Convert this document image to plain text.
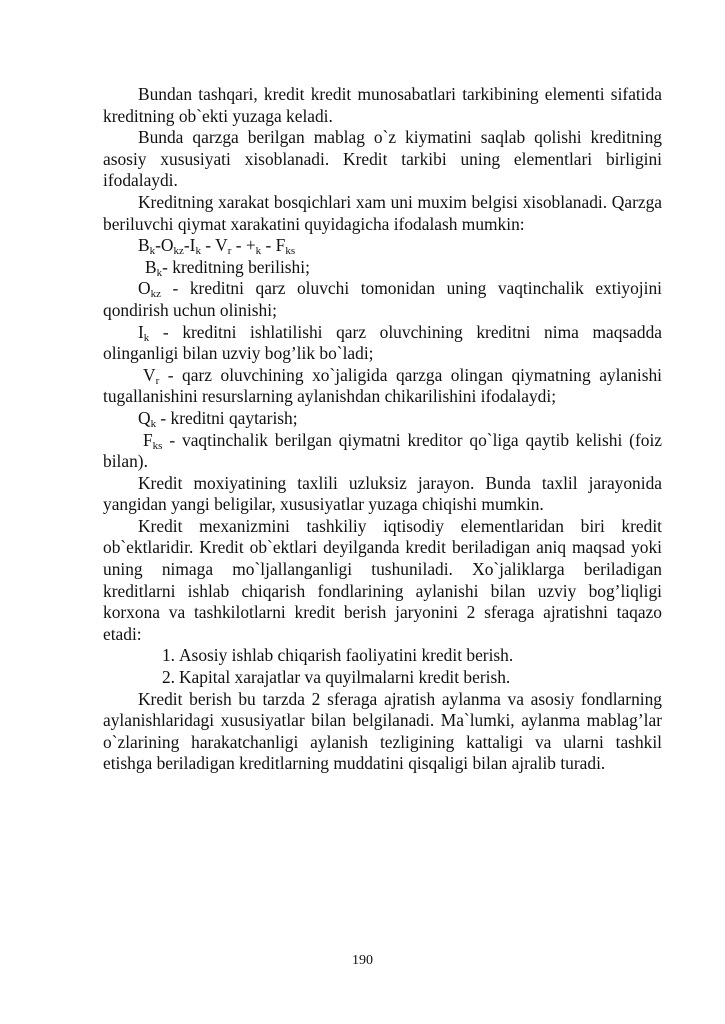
Bundan tashqari, kredit kredit munosabatlari tarkibining elementi sifatida kreditning ob`ekti yuzaga keladi.

Bunda qarzga berilgan mablag o`z kiymatini saqlab qolishi kreditning asosiy xususiyati xisoblanadi. Kredit tarkibi uning elementlari birligini ifodalaydi.

Kreditning xarakat bosqichlari xam uni muxim belgisi xisoblanadi. Qarzga beriluvchi qiymat xarakatini quyidagicha ifodalash mumkin:

$B_k-O_{kz}-I_k - V_r - +_k - F_{ks}$

$B_k-$ kreditning berilishi;

$O_{kz}$ - kreditni qarz oluvchi tomonidan uning vaqtinchalik extiyojini qondirish uchun olinishi;

$I_k$ - kreditni ishlatilishi qarz oluvchining kreditni nima maqsadda olinganligi bilan uzviy bog’lik bo`ladi;

$V_r$ - qarz oluvchining xo`jaligida qarzga olingan qiymatning aylanishi tugallanishini resurslarning aylanishdan chikarilishini ifodalaydi;

$Q_k$ - kreditni qaytarish;

$F_{ks}$ - vaqtinchalik berilgan qiymatni kreditor qo`liga qaytib kelishi (foiz bilan).

Kredit moxiyatining taxlili uzluksiz jarayon. Bunda taxlil jarayonida yangidan yangi beligilar, xususiyatlar yuzaga chiqishi mumkin.

Kredit mexanizmini tashkiliy iqtisodiy elementlaridan biri kredit ob`ektlaridir. Kredit ob`ektlari deyilganda kredit beriladigan aniq maqsad yoki uning nimaga mo`ljallanganligi tushuniladi. Xo`jaliklarga beriladigan kreditlarni ishlab chiqarish fondlarining aylanishi bilan uzviy bog’liqligi korxona va tashkilotlarni kredit berish jaryonini 2 sferaga ajratishni taqazo etadi:

1. Asosiy ishlab chiqarish faoliyatini kredit berish.
2. Kapital xarajatlar va quyilmalarni kredit berish.

Kredit berish bu tarzda 2 sferaga ajratish aylanma va asosiy fondlarning aylanishlaridagi xususiyatlar bilan belgilanadi. Ma`lumki, aylanma mablag’lar o`zlarining harakatchanligi aylanish tezligining kattaligi va ularni tashkil etishga beriladigan kreditlarning muddatini qisqaligi bilan ajralib turadi.

190
